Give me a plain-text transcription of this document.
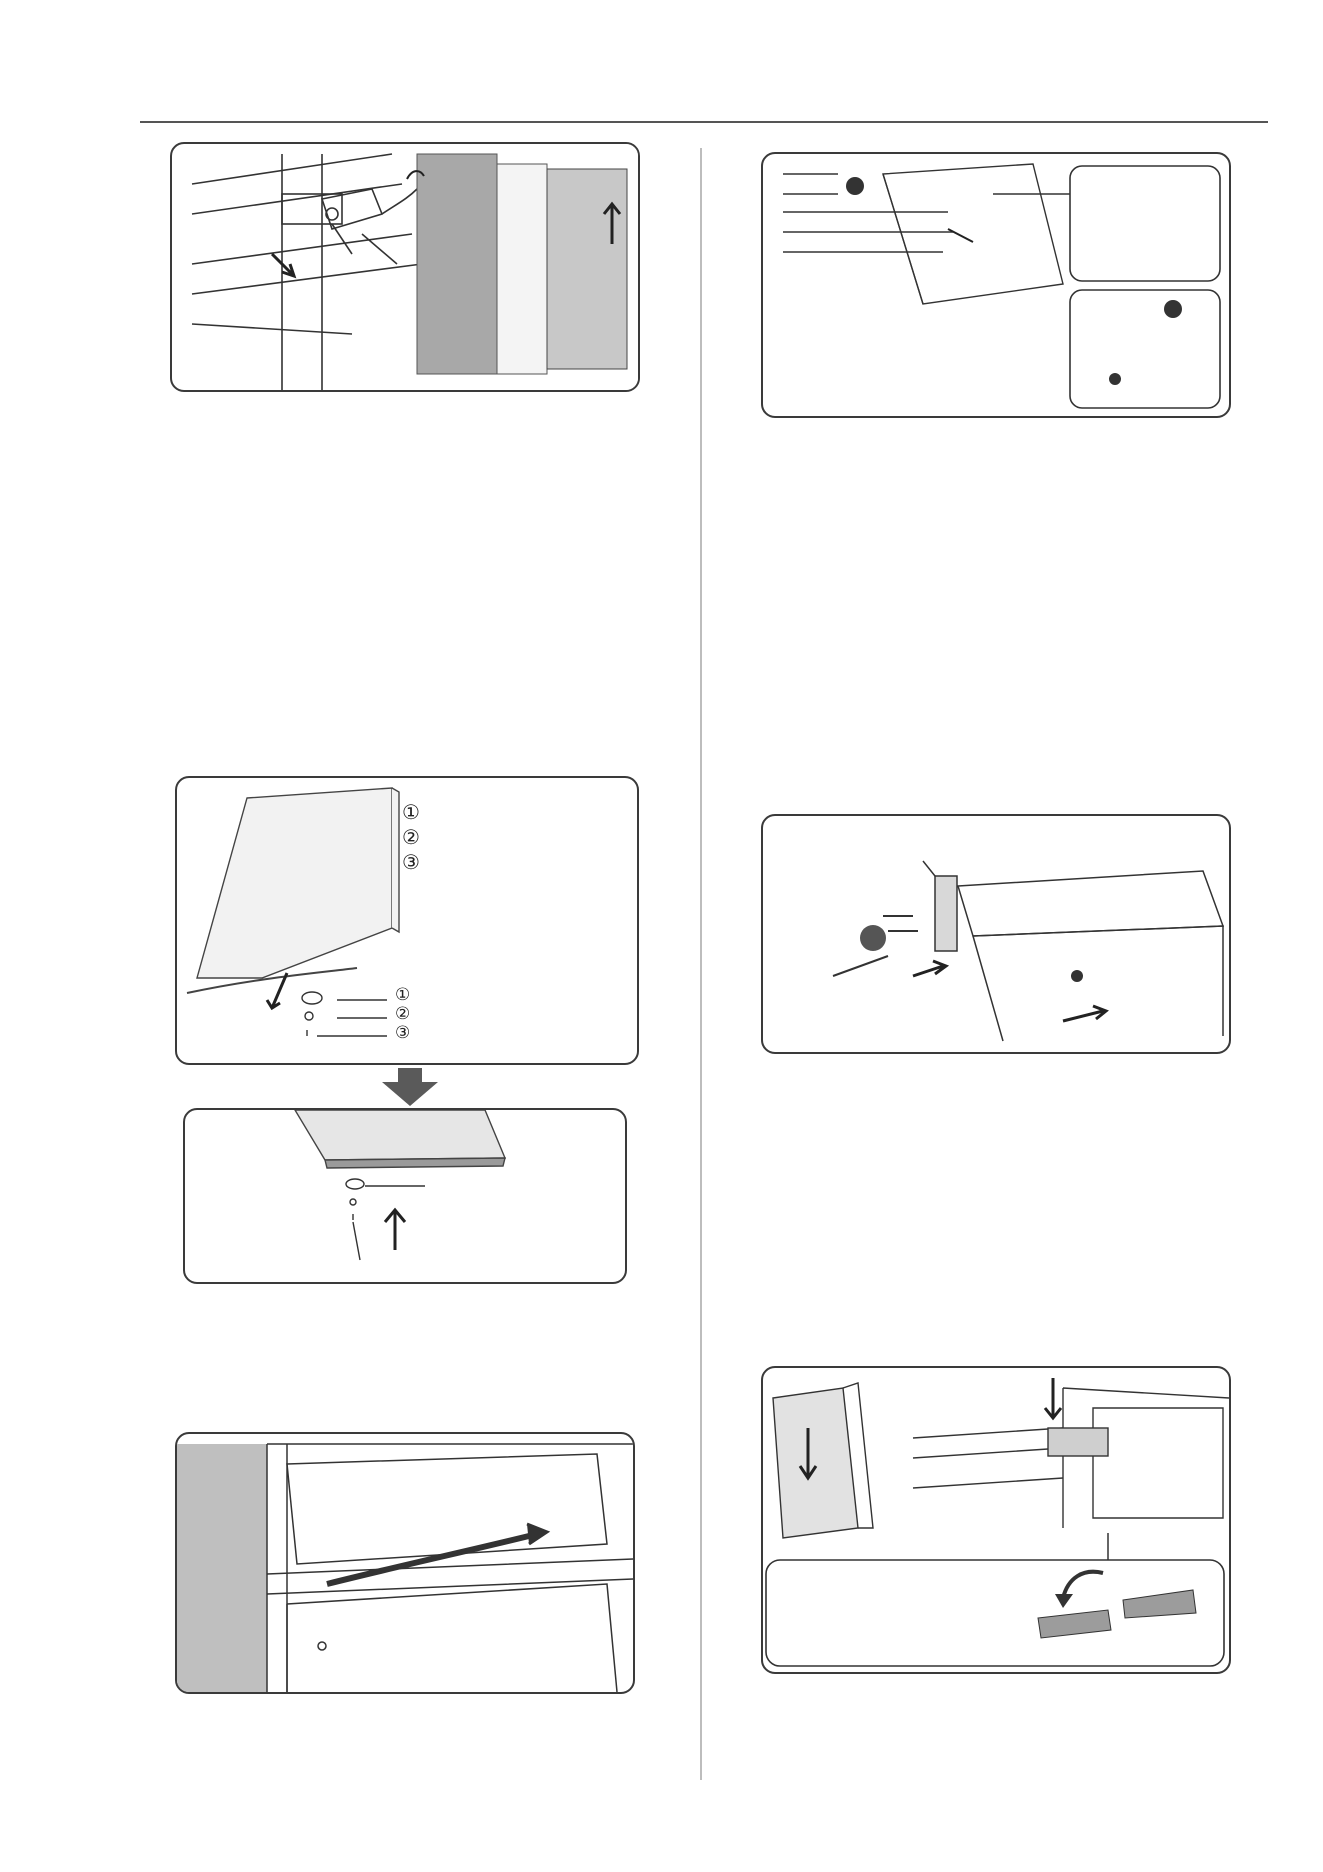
①
②
③
①
②
③
